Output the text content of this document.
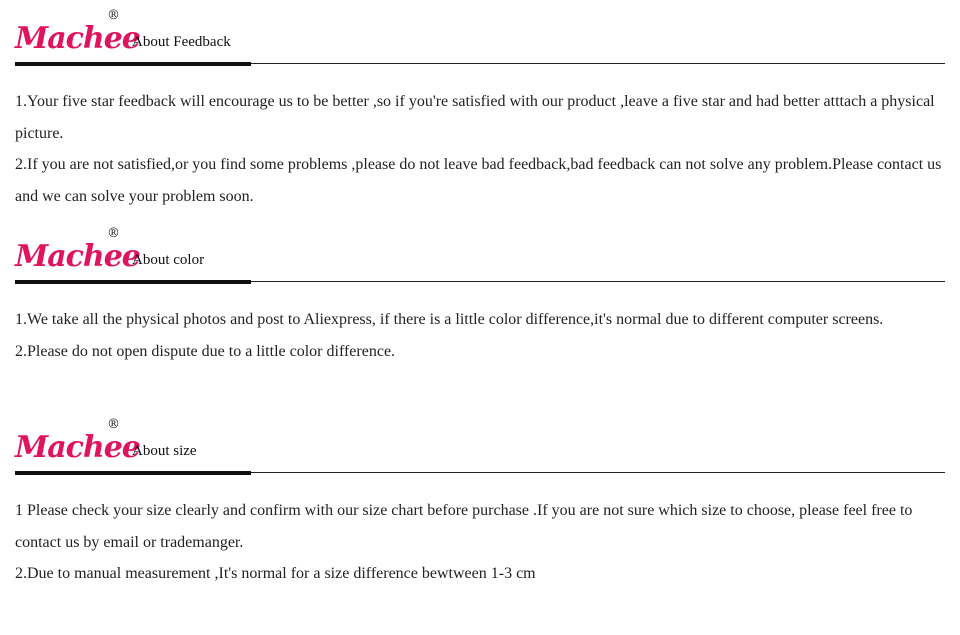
Machee
®
About Feedback

1.Your five star feedback will encourage us to be better ,so if you're satisfied with our product ,leave a five star and had better atttach a physical picture.

2.If you are not satisfied,or you find some problems ,please do not leave bad feedback,bad feedback can not solve any problem.Please contact us and we can solve your problem soon.

Machee
®
About color

1.We take all the physical photos and post to Aliexpress, if there is a little color difference,it's normal due to different computer screens.

2.Please do not open dispute due to a little color difference.

Machee
®
About size

1 Please check your size clearly and confirm with our size chart before purchase .If you are not sure which size to choose, please feel free to contact us by email or trademanger.

2.Due to manual measurement ,It's normal for a size difference bewtween 1-3 cm
